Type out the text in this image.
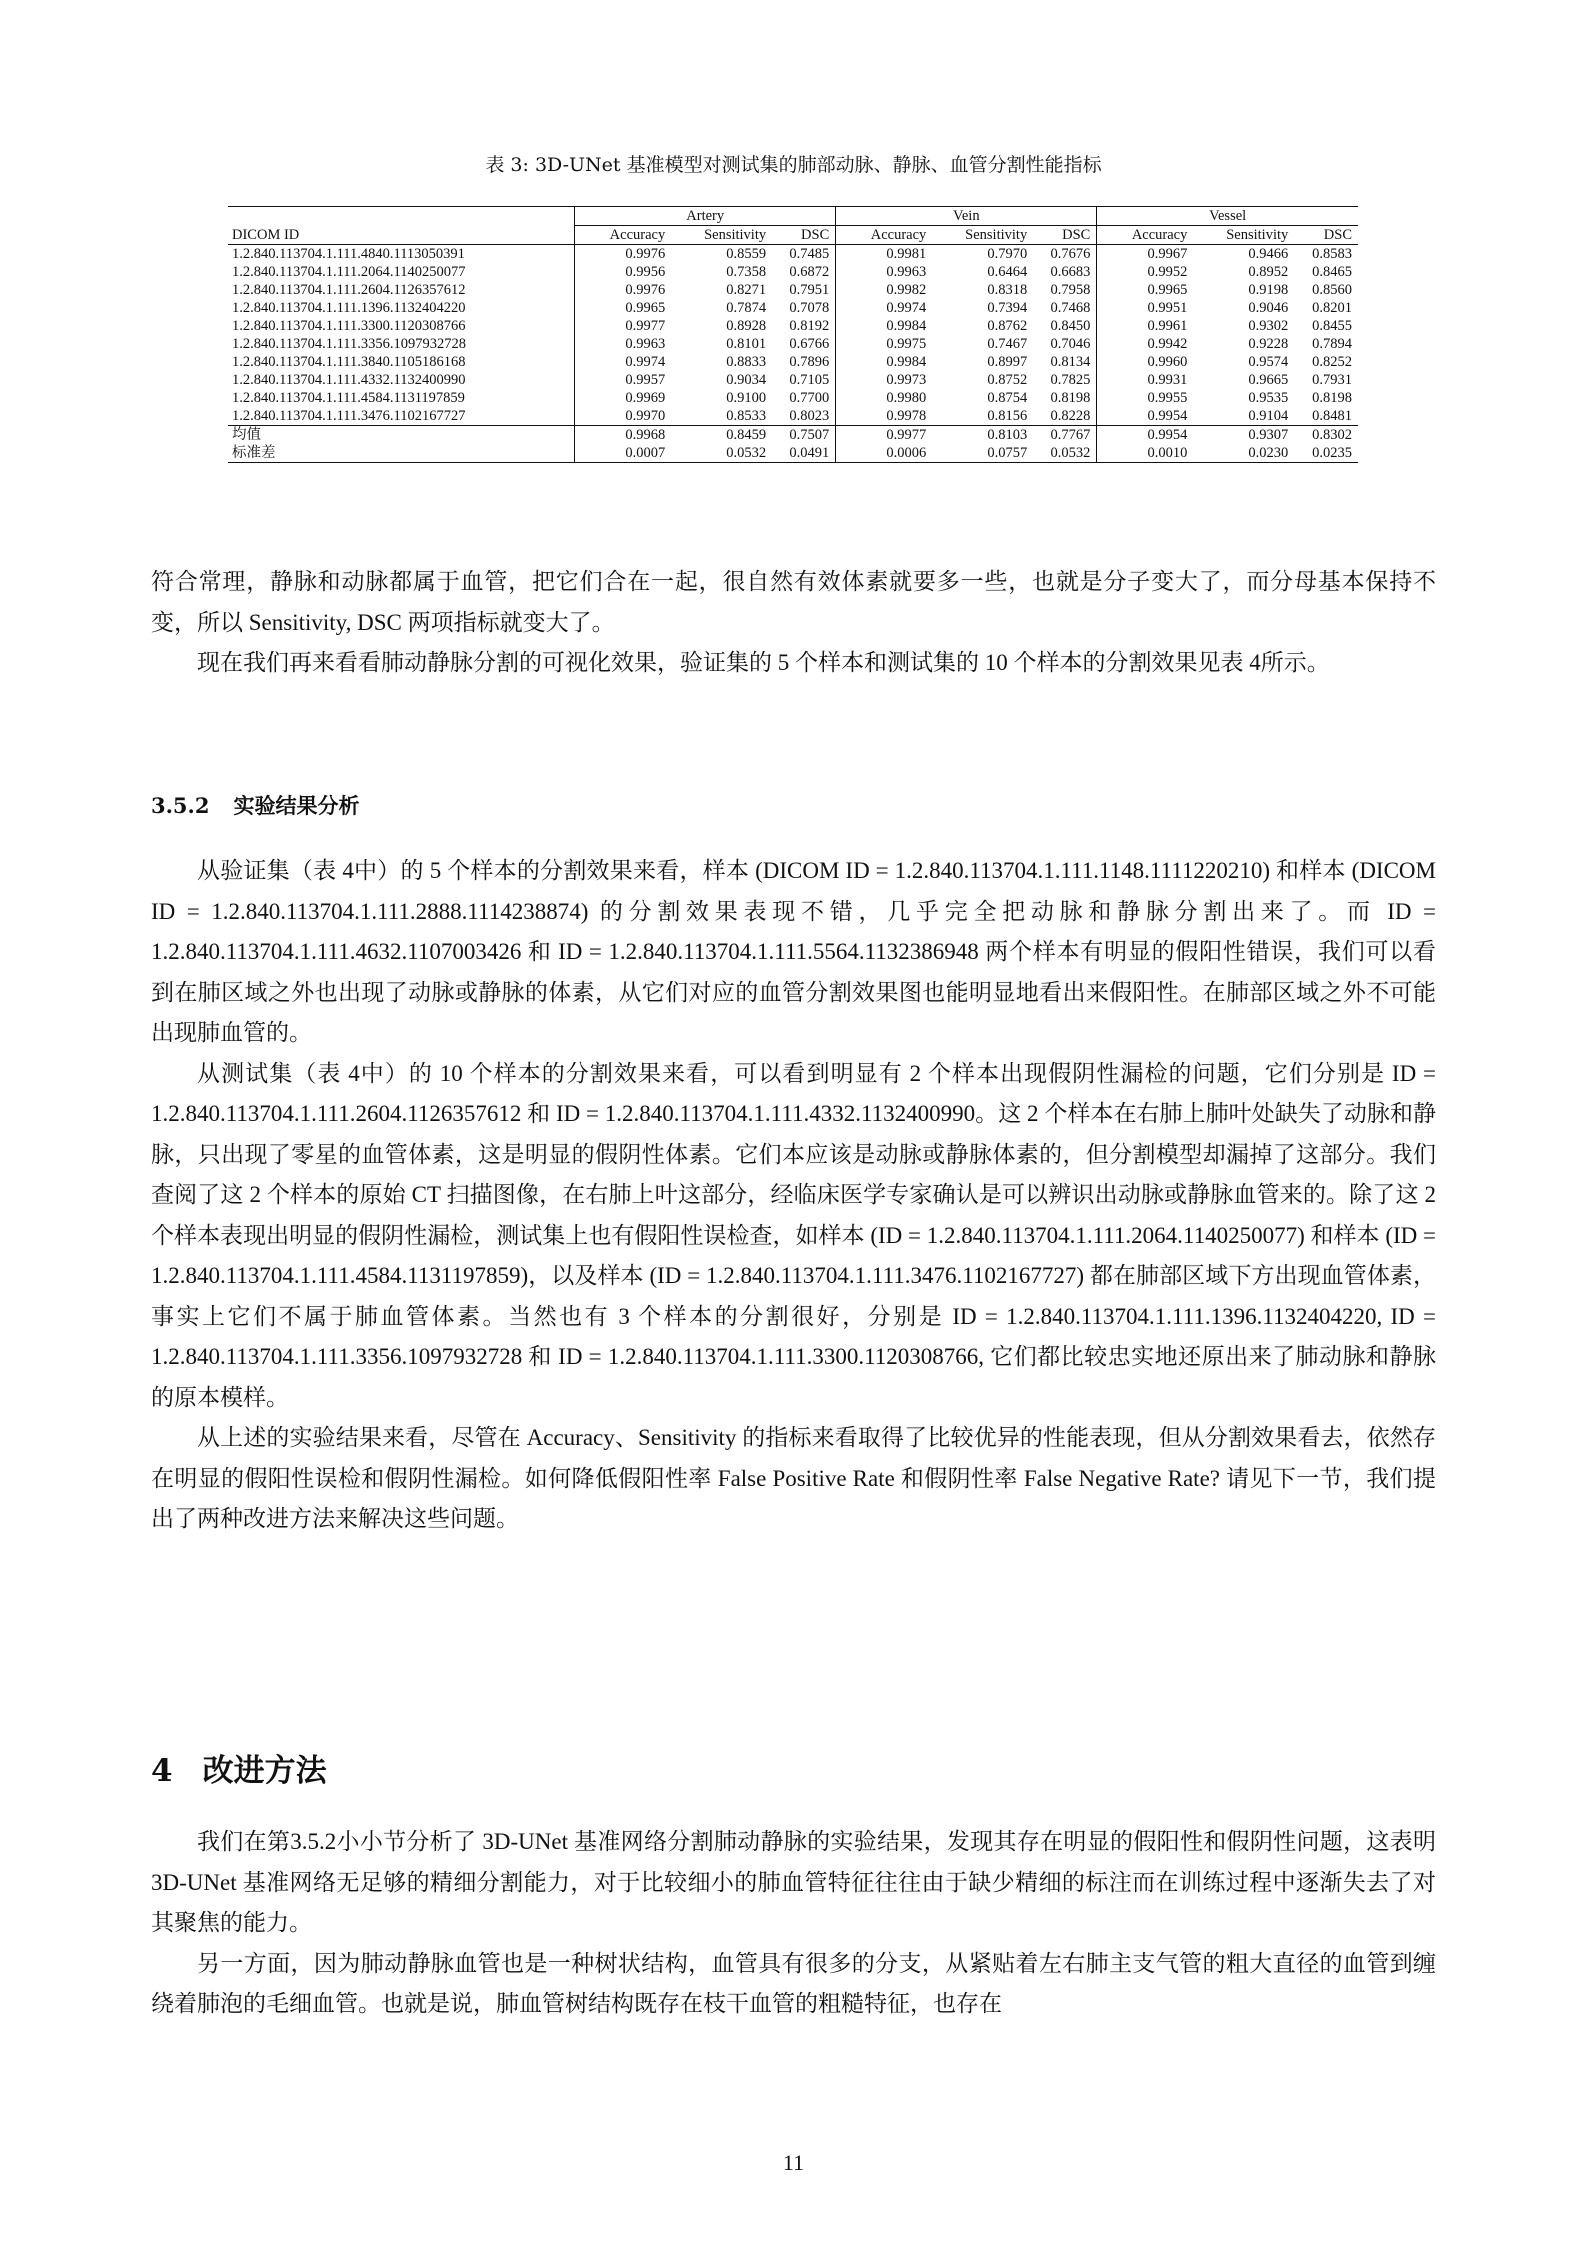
表 3: 3D-UNet 基准模型对测试集的肺部动脉、静脉、血管分割性能指标
	Artery			Vein			Vessel		
DICOM ID	Accuracy	Sensitivity	DSC	Accuracy	Sensitivity	DSC	Accuracy	Sensitivity	DSC
1.2.840.113704.1.111.4840.1113050391	0.9976	0.8559	0.7485	0.9981	0.7970	0.7676	0.9967	0.9466	0.8583
1.2.840.113704.1.111.2064.1140250077	0.9956	0.7358	0.6872	0.9963	0.6464	0.6683	0.9952	0.8952	0.8465
1.2.840.113704.1.111.2604.1126357612	0.9976	0.8271	0.7951	0.9982	0.8318	0.7958	0.9965	0.9198	0.8560
1.2.840.113704.1.111.1396.1132404220	0.9965	0.7874	0.7078	0.9974	0.7394	0.7468	0.9951	0.9046	0.8201
1.2.840.113704.1.111.3300.1120308766	0.9977	0.8928	0.8192	0.9984	0.8762	0.8450	0.9961	0.9302	0.8455
1.2.840.113704.1.111.3356.1097932728	0.9963	0.8101	0.6766	0.9975	0.7467	0.7046	0.9942	0.9228	0.7894
1.2.840.113704.1.111.3840.1105186168	0.9974	0.8833	0.7896	0.9984	0.8997	0.8134	0.9960	0.9574	0.8252
1.2.840.113704.1.111.4332.1132400990	0.9957	0.9034	0.7105	0.9973	0.8752	0.7825	0.9931	0.9665	0.7931
1.2.840.113704.1.111.4584.1131197859	0.9969	0.9100	0.7700	0.9980	0.8754	0.8198	0.9955	0.9535	0.8198
1.2.840.113704.1.111.3476.1102167727	0.9970	0.8533	0.8023	0.9978	0.8156	0.8228	0.9954	0.9104	0.8481
均值	0.9968	0.8459	0.7507	0.9977	0.8103	0.7767	0.9954	0.9307	0.8302
标准差	0.0007	0.0532	0.0491	0.0006	0.0757	0.0532	0.0010	0.0230	0.0235

符合常理，静脉和动脉都属于血管，把它们合在一起，很自然有效体素就要多一些，也就是分子变大了，而分母基本保持不变，所以 Sensitivity, DSC 两项指标就变大了。

现在我们再来看看肺动静脉分割的可视化效果，验证集的 5 个样本和测试集的 10 个样本的分割效果见表 4所示。

3.5.2 实验结果分析

从验证集（表 4中）的 5 个样本的分割效果来看，样本 (DICOM ID = 1.2.840.113704.1.111.1148.1111220210) 和样本 (DICOM ID = 1.2.840.113704.1.111.2888.1114238874) 的分割效果表现不错，几乎完全把动脉和静脉分割出来了。而 ID = 1.2.840.113704.1.111.4632.1107003426 和 ID = 1.2.840.113704.1.111.5564.1132386948 两个样本有明显的假阳性错误，我们可以看到在肺区域之外也出现了动脉或静脉的体素，从它们对应的血管分割效果图也能明显地看出来假阳性。在肺部区域之外不可能出现肺血管的。

从测试集（表 4中）的 10 个样本的分割效果来看，可以看到明显有 2 个样本出现假阴性漏检的问题，它们分别是 ID = 1.2.840.113704.1.111.2604.1126357612 和 ID = 1.2.840.113704.1.111.4332.1132400990。这 2 个样本在右肺上肺叶处缺失了动脉和静脉，只出现了零星的血管体素，这是明显的假阴性体素。它们本应该是动脉或静脉体素的，但分割模型却漏掉了这部分。我们查阅了这 2 个样本的原始 CT 扫描图像，在右肺上叶这部分，经临床医学专家确认是可以辨识出动脉或静脉血管来的。除了这 2 个样本表现出明显的假阴性漏检，测试集上也有假阳性误检查，如样本 (ID = 1.2.840.113704.1.111.2064.1140250077) 和样本 (ID = 1.2.840.113704.1.111.4584.1131197859)，以及样本 (ID = 1.2.840.113704.1.111.3476.1102167727) 都在肺部区域下方出现血管体素，事实上它们不属于肺血管体素。当然也有 3 个样本的分割很好，分别是 ID = 1.2.840.113704.1.111.1396.1132404220, ID = 1.2.840.113704.1.111.3356.1097932728 和 ID = 1.2.840.113704.1.111.3300.1120308766, 它们都比较忠实地还原出来了肺动脉和静脉的原本模样。

从上述的实验结果来看，尽管在 Accuracy、Sensitivity 的指标来看取得了比较优异的性能表现，但从分割效果看去，依然存在明显的假阳性误检和假阴性漏检。如何降低假阳性率 False Positive Rate 和假阴性率 False Negative Rate? 请见下一节，我们提出了两种改进方法来解决这些问题。

4 改进方法

我们在第3.5.2小小节分析了 3D-UNet 基准网络分割肺动静脉的实验结果，发现其存在明显的假阳性和假阴性问题，这表明 3D-UNet 基准网络无足够的精细分割能力，对于比较细小的肺血管特征往往由于缺少精细的标注而在训练过程中逐渐失去了对其聚焦的能力。

另一方面，因为肺动静脉血管也是一种树状结构，血管具有很多的分支，从紧贴着左右肺主支气管的粗大直径的血管到缠绕着肺泡的毛细血管。也就是说，肺血管树结构既存在枝干血管的粗糙特征，也存在

11
